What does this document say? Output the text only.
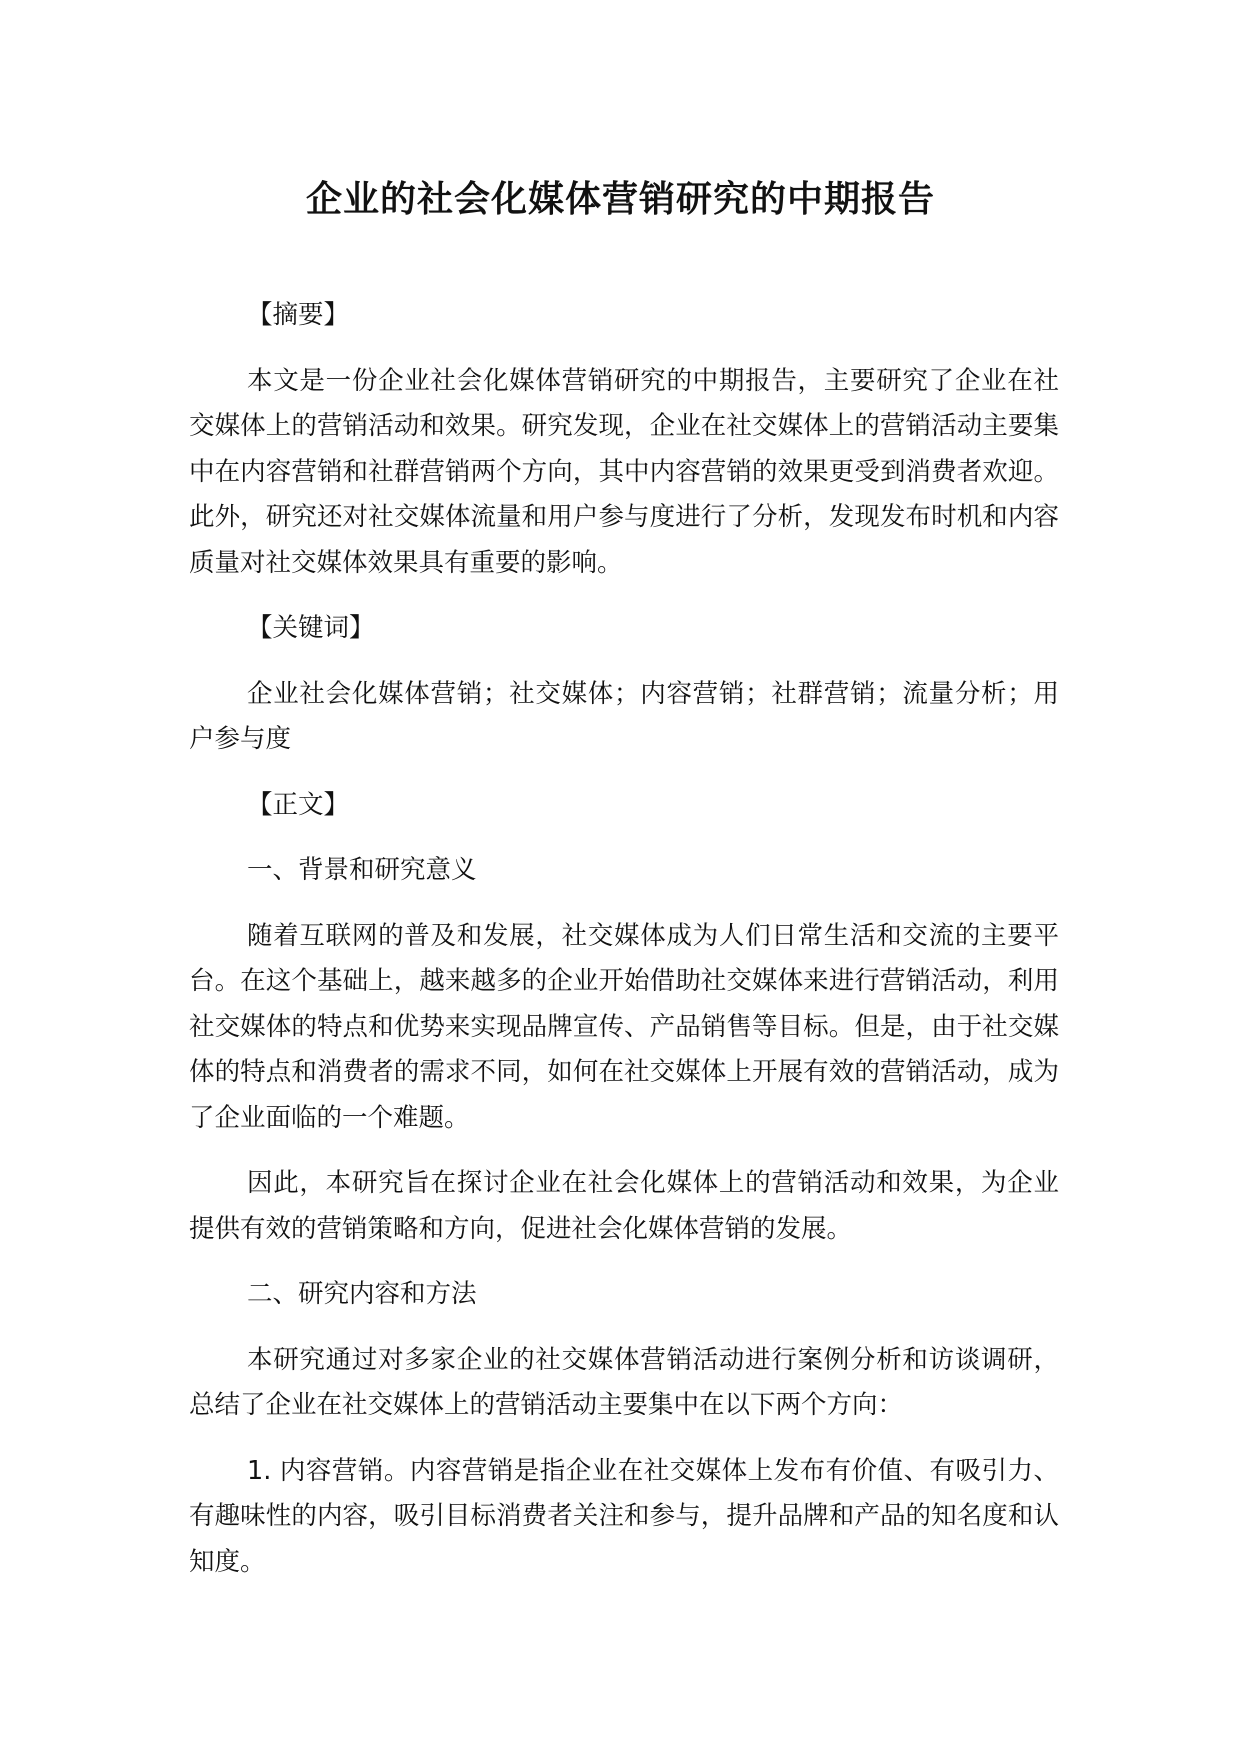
企业的社会化媒体营销研究的中期报告
【摘要】

本文是一份企业社会化媒体营销研究的中期报告，主要研究了企业在社交媒体上的营销活动和效果。研究发现，企业在社交媒体上的营销活动主要集中在内容营销和社群营销两个方向，其中内容营销的效果更受到消费者欢迎。此外，研究还对社交媒体流量和用户参与度进行了分析，发现发布时机和内容质量对社交媒体效果具有重要的影响。

【关键词】

企业社会化媒体营销；社交媒体；内容营销；社群营销；流量分析；用户参与度

【正文】
一、背景和研究意义

随着互联网的普及和发展，社交媒体成为人们日常生活和交流的主要平台。在这个基础上，越来越多的企业开始借助社交媒体来进行营销活动，利用社交媒体的特点和优势来实现品牌宣传、产品销售等目标。但是，由于社交媒体的特点和消费者的需求不同，如何在社交媒体上开展有效的营销活动，成为了企业面临的一个难题。

因此，本研究旨在探讨企业在社会化媒体上的营销活动和效果，为企业提供有效的营销策略和方向，促进社会化媒体营销的发展。

二、研究内容和方法

本研究通过对多家企业的社交媒体营销活动进行案例分析和访谈调研，总结了企业在社交媒体上的营销活动主要集中在以下两个方向：

1. 内容营销。内容营销是指企业在社交媒体上发布有价值、有吸引力、有趣味性的内容，吸引目标消费者关注和参与，提升品牌和产品的知名度和认知度。
